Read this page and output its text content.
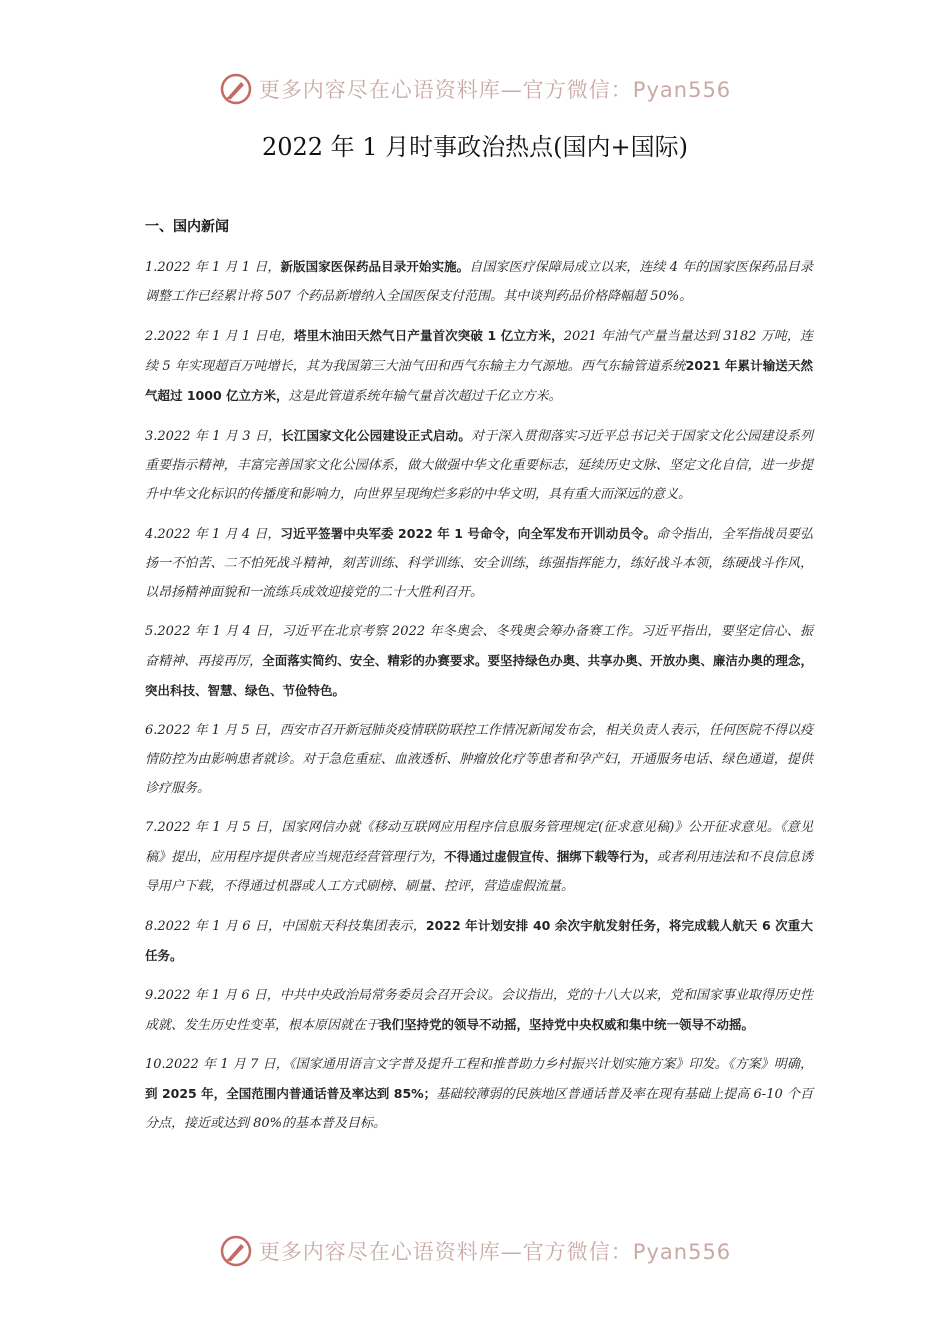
更多内容尽在心语资料库—官方微信：Pyan556
2022 年 1 月时事政治热点(国内+国际)
一、国内新闻

1.2022 年 1 月 1 日，新版国家医保药品目录开始实施。自国家医疗保障局成立以来，连续 4 年的国家医保药品目录调整工作已经累计将 507 个药品新增纳入全国医保支付范围。其中谈判药品价格降幅超 50%。

2.2022 年 1 月 1 日电，塔里木油田天然气日产量首次突破 1 亿立方米，2021 年油气产量当量达到 3182 万吨，连续 5 年实现超百万吨增长，其为我国第三大油气田和西气东输主力气源地。西气东输管道系统2021 年累计输送天然气超过 1000 亿立方米，这是此管道系统年输气量首次超过千亿立方米。

3.2022 年 1 月 3 日，长江国家文化公园建设正式启动。对于深入贯彻落实习近平总书记关于国家文化公园建设系列重要指示精神，丰富完善国家文化公园体系，做大做强中华文化重要标志，延续历史文脉、坚定文化自信，进一步提升中华文化标识的传播度和影响力，向世界呈现绚烂多彩的中华文明，具有重大而深远的意义。

4.2022 年 1 月 4 日，习近平签署中央军委 2022 年 1 号命令，向全军发布开训动员令。命令指出，全军指战员要弘扬一不怕苦、二不怕死战斗精神，刻苦训练、科学训练、安全训练，练强指挥能力，练好战斗本领，练硬战斗作风，以昂扬精神面貌和一流练兵成效迎接党的二十大胜利召开。

5.2022 年 1 月 4 日，习近平在北京考察 2022 年冬奥会、冬残奥会筹办备赛工作。习近平指出，要坚定信心、振奋精神、再接再厉，全面落实简约、安全、精彩的办赛要求。要坚持绿色办奥、共享办奥、开放办奥、廉洁办奥的理念，突出科技、智慧、绿色、节俭特色。

6.2022 年 1 月 5 日，西安市召开新冠肺炎疫情联防联控工作情况新闻发布会，相关负责人表示，任何医院不得以疫情防控为由影响患者就诊。对于急危重症、血液透析、肿瘤放化疗等患者和孕产妇，开通服务电话、绿色通道，提供诊疗服务。

7.2022 年 1 月 5 日，国家网信办就《移动互联网应用程序信息服务管理规定(征求意见稿)》公开征求意见。《意见稿》提出，应用程序提供者应当规范经营管理行为，不得通过虚假宣传、捆绑下载等行为，或者利用违法和不良信息诱导用户下载，不得通过机器或人工方式刷榜、刷量、控评，营造虚假流量。

8.2022 年 1 月 6 日，中国航天科技集团表示，2022 年计划安排 40 余次宇航发射任务，将完成载人航天 6 次重大任务。

9.2022 年 1 月 6 日，中共中央政治局常务委员会召开会议。会议指出，党的十八大以来，党和国家事业取得历史性成就、发生历史性变革，根本原因就在于我们坚持党的领导不动摇，坚持党中央权威和集中统一领导不动摇。

10.2022 年 1 月 7 日，《国家通用语言文字普及提升工程和推普助力乡村振兴计划实施方案》印发。《方案》明确，到 2025 年，全国范围内普通话普及率达到 85%；基础较薄弱的民族地区普通话普及率在现有基础上提高 6-10 个百分点，接近或达到 80%的基本普及目标。

更多内容尽在心语资料库—官方微信：Pyan556
